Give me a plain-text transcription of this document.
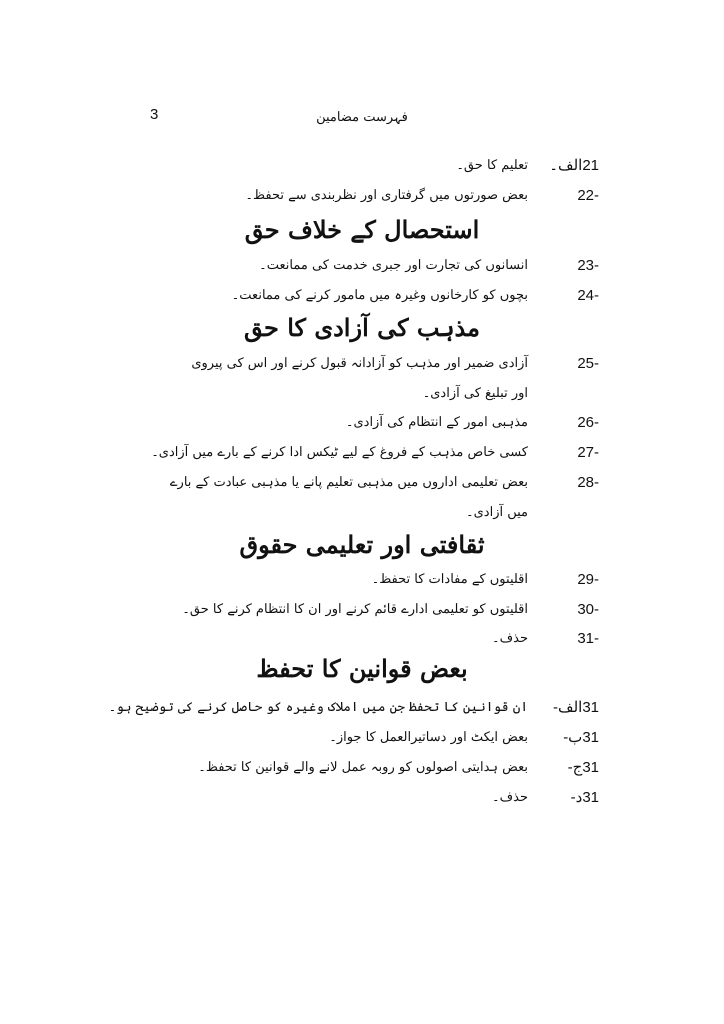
3	فہرست مضامین
21الف۔
تعلیم کا حق۔
22-
بعض صورتوں میں گرفتاری اور نظربندی سے تحفظ۔
استحصال کے خلاف حق
23-
انسانوں کی تجارت اور جبری خدمت کی ممانعت۔
24-
بچوں کو کارخانوں وغیرہ میں مامور کرنے کی ممانعت۔
مذہب کی آزادی کا حق
25-
آزادی ضمیر اور مذہب کو آزادانہ قبول کرنے اور اس کی پیروی
اور تبلیغ کی آزادی۔
26-
مذہبی امور کے انتظام کی آزادی۔
27-
کسی خاص مذہب کے فروغ کے لیے ٹیکس ادا کرنے کے بارے میں آزادی۔
28-
بعض تعلیمی اداروں میں مذہبی تعلیم پانے یا مذہبی عبادت کے بارے
میں آزادی۔
ثقافتی اور تعلیمی حقوق
29-
اقلیتوں کے مفادات کا تحفظ۔
30-
اقلیتوں کو تعلیمی ادارے قائم کرنے اور ان کا انتظام کرنے کا حق۔
31-
حذف۔
بعض قوانین کا تحفظ
31الف-
ان قوانین کا تحفظ جن میں املاک وغیرہ کو حاصل کرنے کی توضیح ہو۔
31ب-
بعض ایکٹ اور دساتیرالعمل کا جواز۔
31ج-
بعض ہدایتی اصولوں کو روبہ عمل لانے والے قوانین کا تحفظ۔
31د-
حذف۔
